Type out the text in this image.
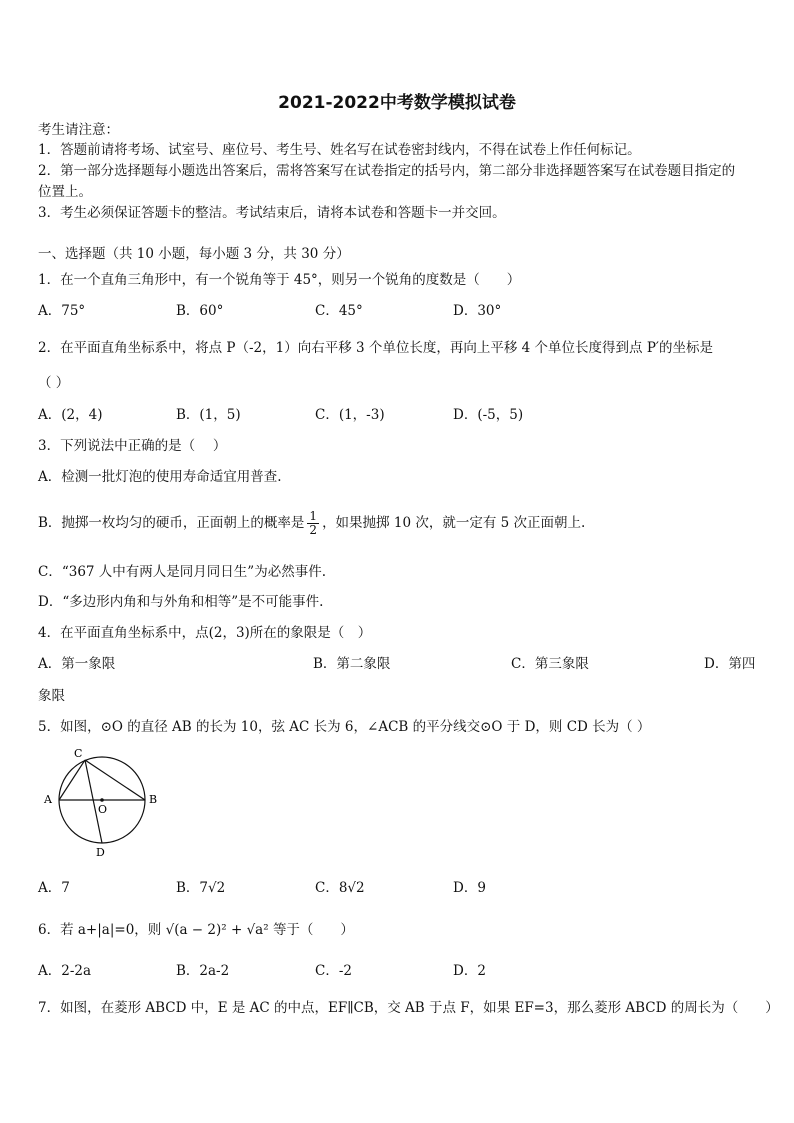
2021-2022中考数学模拟试卷
考生请注意：
1．答题前请将考场、试室号、座位号、考生号、姓名写在试卷密封线内，不得在试卷上作任何标记。
2．第一部分选择题每小题选出答案后，需将答案写在试卷指定的括号内，第二部分非选择题答案写在试卷题目指定的
位置上。
3．考生必须保证答题卡的整洁。考试结束后，请将本试卷和答题卡一并交回。
一、选择题（共 10 小题，每小题 3 分，共 30 分）
1．在一个直角三角形中，有一个锐角等于 45°，则另一个锐角的度数是（　　）
A．75°	B．60°	C．45°	D．30°
2．在平面直角坐标系中，将点 P（-2，1）向右平移 3 个单位长度，再向上平移 4 个单位长度得到点 P′的坐标是
（ ）
A．(2，4)	B．(1，5)	C．(1，-3)	D．(-5，5)
3．下列说法中正确的是（　 ）
A．检测一批灯泡的使用寿命适宜用普查.
B．抛掷一枚均匀的硬币，正面朝上的概率是 $\frac{1}{2}$ ，如果抛掷 10 次，就一定有 5 次正面朝上.
C．“367 人中有两人是同月同日生”为必然事件.
D．“多边形内角和与外角和相等”是不可能事件.
4．在平面直角坐标系中，点(2，3)所在的象限是（　）
A．第一象限	B．第二象限	C．第三象限	D．第四
象限
5．如图，⊙O 的直径 AB 的长为 10，弦 AC 长为 6，∠ACB 的平分线交⊙O 于 D，则 CD 长为（ ）
A	B
C
D
O
A．7	B．7√2	C．8√2	D．9
6．若 a+|a|=0，则 √(a − 2)² + √a² 等于（　　）
A．2-2a	B．2a-2	C．-2	D．2
7．如图，在菱形 ABCD 中，E 是 AC 的中点，EF∥CB，交 AB 于点 F，如果 EF=3，那么菱形 ABCD 的周长为（　　）
